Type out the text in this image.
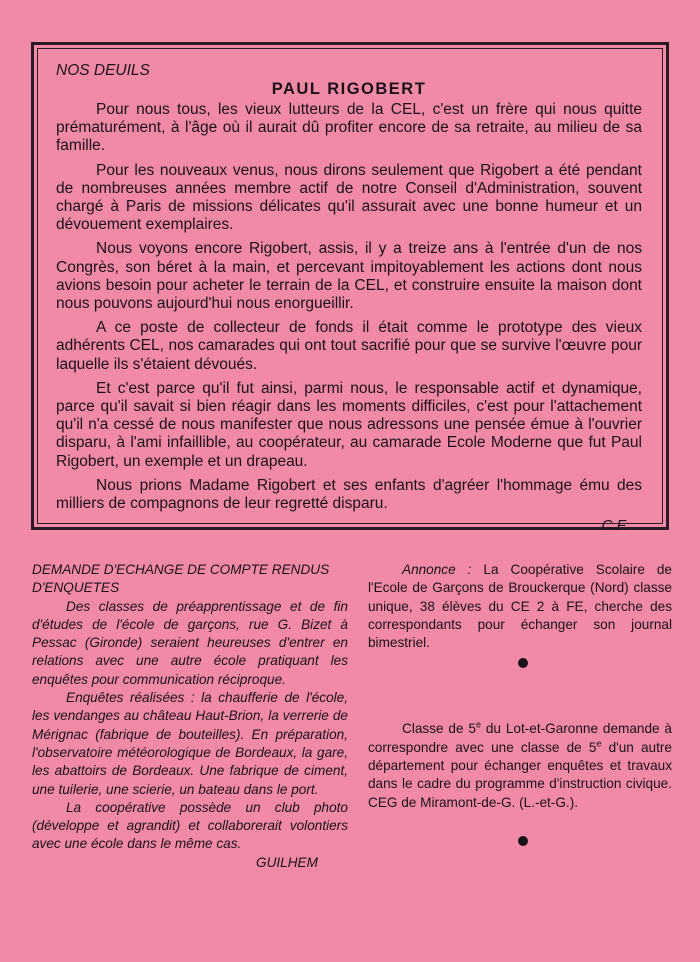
NOS DEUILS

PAUL RIGOBERT

Pour nous tous, les vieux lutteurs de la CEL, c'est un frère qui nous quitte prématurément, à l'âge où il aurait dû profiter encore de sa retraite, au milieu de sa famille.

Pour les nouveaux venus, nous dirons seulement que Rigobert a été pendant de nombreuses années membre actif de notre Conseil d'Administration, souvent chargé à Paris de missions délicates qu'il assurait avec une bonne humeur et un dévouement exemplaires.

Nous voyons encore Rigobert, assis, il y a treize ans à l'entrée d'un de nos Congrès, son béret à la main, et percevant impitoyablement les actions dont nous avions besoin pour acheter le terrain de la CEL, et construire ensuite la maison dont nous pouvons aujourd'hui nous enorgueillir.

A ce poste de collecteur de fonds il était comme le prototype des vieux adhérents CEL, nos camarades qui ont tout sacrifié pour que se survive l'œuvre pour laquelle ils s'étaient dévoués.

Et c'est parce qu'il fut ainsi, parmi nous, le responsable actif et dynamique, parce qu'il savait si bien réagir dans les moments difficiles, c'est pour l'attachement qu'il n'a cessé de nous manifester que nous adressons une pensée émue à l'ouvrier disparu, à l'ami infaillible, au coopérateur, au camarade Ecole Moderne que fut Paul Rigobert, un exemple et un drapeau.

Nous prions Madame Rigobert et ses enfants d'agréer l'hommage ému des milliers de compagnons de leur regretté disparu.

C.F.

DEMANDE D'ECHANGE DE COMPTE RENDUS D'ENQUETES

Des classes de préapprentissage et de fin d'études de l'école de garçons, rue G. Bizet à Pessac (Gironde) seraient heureuses d'entrer en relations avec une autre école pratiquant les enquêtes pour communication réciproque.

Enquêtes réalisées : la chaufferie de l'école, les vendanges au château Haut-Brion, la verrerie de Mérignac (fabrique de bouteilles). En préparation, l'observatoire météorologique de Bordeaux, la gare, les abattoirs de Bordeaux. Une fabrique de ciment, une tuilerie, une scierie, un bateau dans le port.

La coopérative possède un club photo (développe et agrandit) et collaborerait volontiers avec une école dans le même cas.

GUILHEM

Annonce : La Coopérative Scolaire de l'Ecole de Garçons de Brouckerque (Nord) classe unique, 38 élèves du CE 2 à FE, cherche des correspondants pour échanger son journal bimestriel.

Classe de 5e du Lot-et-Garonne demande à correspondre avec une classe de 5e d'un autre département pour échanger enquêtes et travaux dans le cadre du programme d'instruction civique. CEG de Miramont-de-G. (L.-et-G.).
